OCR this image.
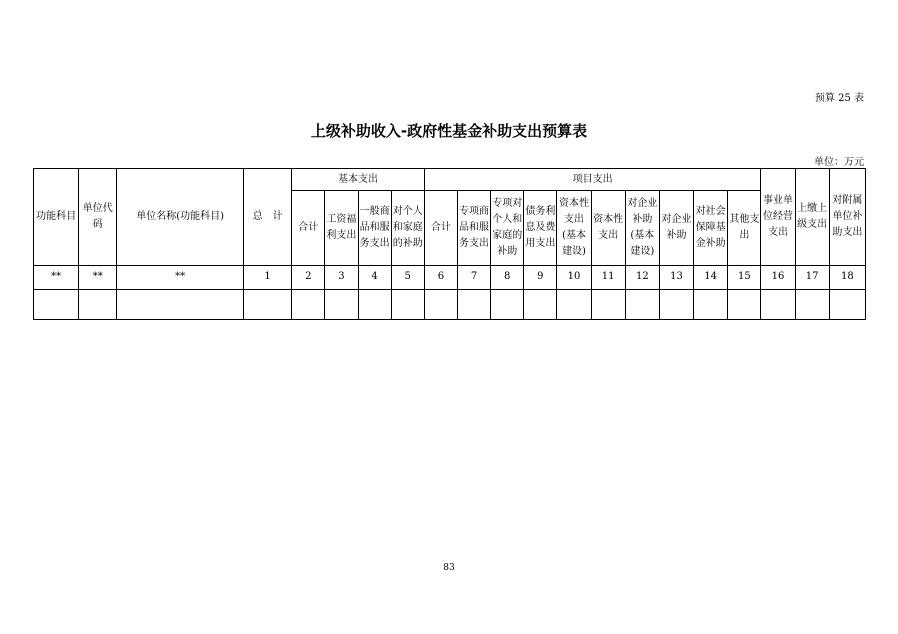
预算 25 表
上级补助收入-政府性基金补助支出预算表
单位：万元
功能科目	单位代码	单位名称(功能科目)	总　计	基本支出				项目支出										事业单位经营支出	上缴上级支出	对附属单位补助支出
				合计	工资福利支出	一般商品和服务支出	对个人和家庭的补助	合计	专项商品和服务支出	专项对个人和家庭的补助	债务利息及费用支出	资本性支出(基本建设)	资本性支出	对企业补助(基本建设)	对企业补助	对社会保障基金补助	其他支出			
**	**	**	1	2	3	4	5	6	7	8	9	10	11	12	13	14	15	16	17	18

83
